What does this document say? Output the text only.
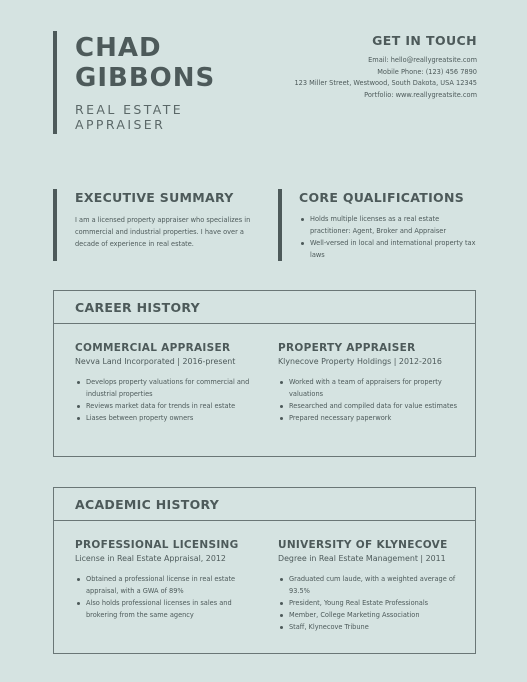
CHAD
GIBBONS
REAL ESTATE
APPRAISER
GET IN TOUCH
Email: hello@reallygreatsite.com
Mobile Phone: (123) 456 7890
123 Miller Street, Westwood, South Dakota, USA 12345
Portfolio: www.reallygreatsite.com
EXECUTIVE SUMMARY
I am a licensed property appraiser who specializes in commercial and industrial properties. I have over a decade of experience in real estate.
CORE QUALIFICATIONS
Holds multiple licenses as a real estate practitioner: Agent, Broker and Appraiser
Well-versed in local and international property tax laws
CAREER HISTORY
COMMERCIAL APPRAISER
Nevva Land Incorporated | 2016-present
Develops property valuations for commercial and industrial properties
Reviews market data for trends in real estate
Liases between property owners
PROPERTY APPRAISER
Klynecove Property Holdings | 2012-2016
Worked with a team of appraisers for property valuations
Researched and compiled data for value estimates
Prepared necessary paperwork
ACADEMIC HISTORY
PROFESSIONAL LICENSING
License in Real Estate Appraisal, 2012
Obtained a professional license in real estate appraisal, with a GWA of 89%
Also holds professional licenses in sales and brokering from the same agency
UNIVERSITY OF KLYNECOVE
Degree in Real Estate Management | 2011
Graduated cum laude, with a weighted average of 93.5%
President, Young Real Estate Professionals
Member, College Marketing Association
Staff, Klynecove Tribune
